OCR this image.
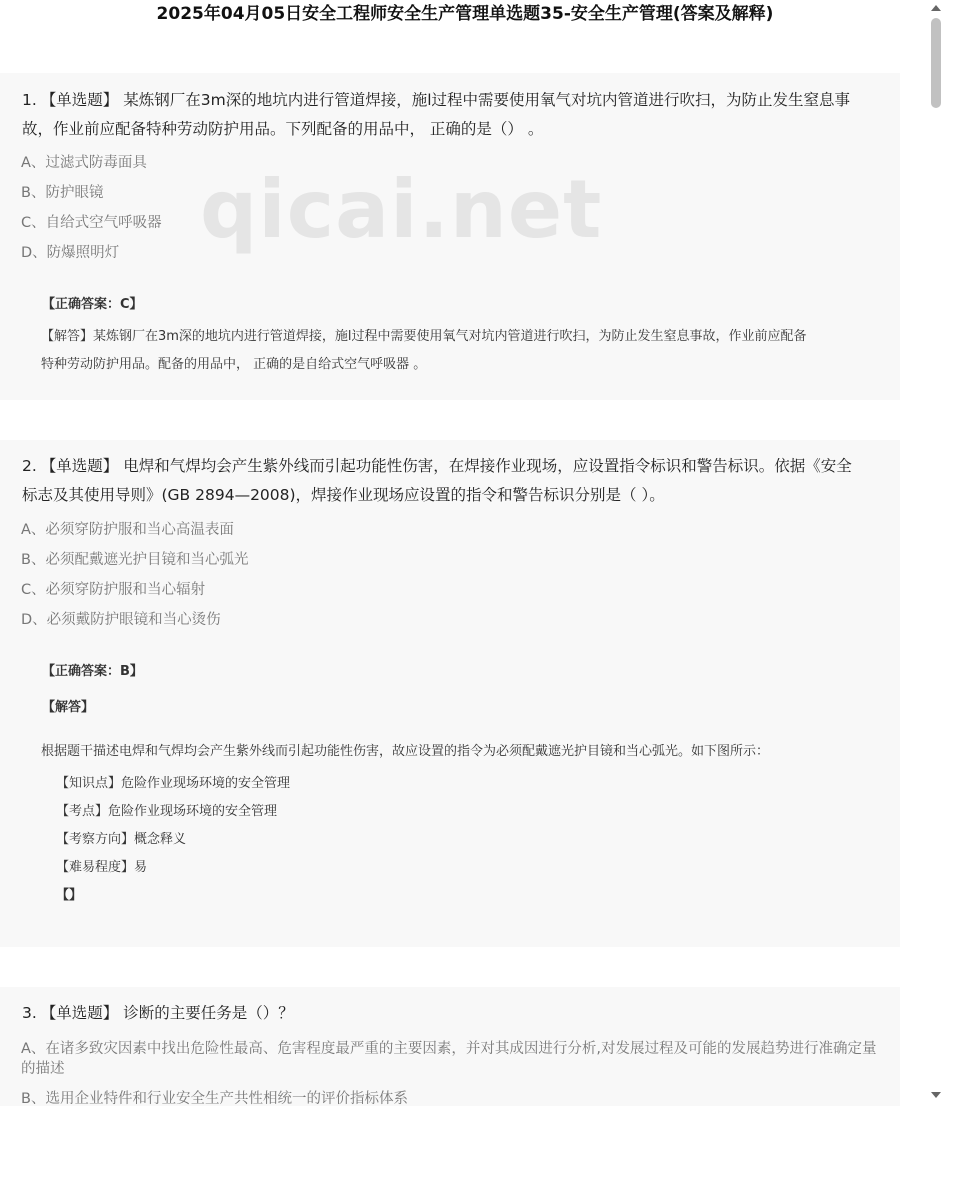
2025年04月05日安全工程师安全生产管理单选题35-安全生产管理(答案及解释)
1. 【单选题】 某炼钢厂在3m深的地坑内进行管道焊接，施l过程中需要使用氧气对坑内管道进行吹扫，为防止发生窒息事
故，作业前应配备特种劳动防护用品。下列配备的用品中， 正确的是（） 。
A、过滤式防毒面具
B、防护眼镜
C、自给式空气呼吸器
D、防爆照明灯
【正确答案：C】
【解答】某炼钢厂在3m深的地坑内进行管道焊接，施l过程中需要使用氧气对坑内管道进行吹扫，为防止发生窒息事故，作业前应配备
特种劳动防护用品。配备的用品中， 正确的是自给式空气呼吸器 。
2. 【单选题】 电焊和气焊均会产生紫外线而引起功能性伤害，在焊接作业现场，应设置指令标识和警告标识。依据《安全
标志及其使用导则》(GB 2894—2008)，焊接作业现场应设置的指令和警告标识分别是（ ）。
A、必须穿防护服和当心高温表面
B、必须配戴遮光护目镜和当心弧光
C、必须穿防护服和当心辐射
D、必须戴防护眼镜和当心烫伤
【正确答案：B】
【解答】
根据题干描述电焊和气焊均会产生紫外线而引起功能性伤害，故应设置的指令为必须配戴遮光护目镜和当心弧光。如下图所示：
【知识点】危险作业现场环境的安全管理
【考点】危险作业现场环境的安全管理
【考察方向】概念释义
【难易程度】易
【】
3. 【单选题】 诊断的主要任务是（）？
A、在诸多致灾因素中找出危险性最高、危害程度最严重的主要因素，并对其成因进行分析,对发展过程及可能的发展趋势进行准确定量的描述
B、选用企业特件和行业安全生产共性相统一的评价指标体系
qicai.net
